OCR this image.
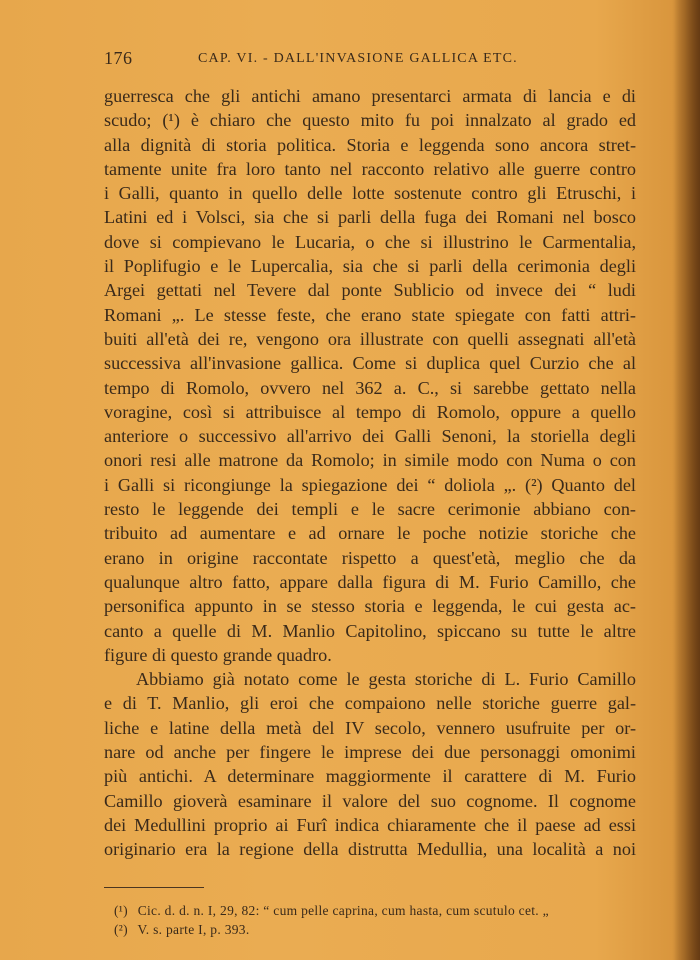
176	CAP. VI. - DALL'INVASIONE GALLICA ETC.
guerresca che gli antichi amano presentarci armata di lancia e di
scudo; (¹) è chiaro che questo mito fu poi innalzato al grado ed
alla dignità di storia politica. Storia e leggenda sono ancora stret-
tamente unite fra loro tanto nel racconto relativo alle guerre contro
i Galli, quanto in quello delle lotte sostenute contro gli Etruschi, i
Latini ed i Volsci, sia che si parli della fuga dei Romani nel bosco
dove si compievano le Lucaria, o che si illustrino le Carmentalia,
il Poplifugio e le Lupercalia, sia che si parli della cerimonia degli
Argei gettati nel Tevere dal ponte Sublicio od invece dei “ ludi
Romani „. Le stesse feste, che erano state spiegate con fatti attri-
buiti all'età dei re, vengono ora illustrate con quelli assegnati all'età
successiva all'invasione gallica. Come si duplica quel Curzio che al
tempo di Romolo, ovvero nel 362 a. C., si sarebbe gettato nella
voragine, così si attribuisce al tempo di Romolo, oppure a quello
anteriore o successivo all'arrivo dei Galli Senoni, la storiella degli
onori resi alle matrone da Romolo; in simile modo con Numa o con
i Galli si ricongiunge la spiegazione dei “ doliola „. (²) Quanto del
resto le leggende dei templi e le sacre cerimonie abbiano con-
tribuito ad aumentare e ad ornare le poche notizie storiche che
erano in origine raccontate rispetto a quest'età, meglio che da
qualunque altro fatto, appare dalla figura di M. Furio Camillo, che
personifica appunto in se stesso storia e leggenda, le cui gesta ac-
canto a quelle di M. Manlio Capitolino, spiccano su tutte le altre
figure di questo grande quadro.
Abbiamo già notato come le gesta storiche di L. Furio Camillo
e di T. Manlio, gli eroi che compaiono nelle storiche guerre gal-
liche e latine della metà del IV secolo, vennero usufruite per or-
nare od anche per fingere le imprese dei due personaggi omonimi
più antichi. A determinare maggiormente il carattere di M. Furio
Camillo gioverà esaminare il valore del suo cognome. Il cognome
dei Medullini proprio ai Furî indica chiaramente che il paese ad essi
originario era la regione della distrutta Medullia, una località a noi
(¹) Cic. d. d. n. I, 29, 82: “ cum pelle caprina, cum hasta, cum scutulo cet. „
(²) V. s. parte I, p. 393.
